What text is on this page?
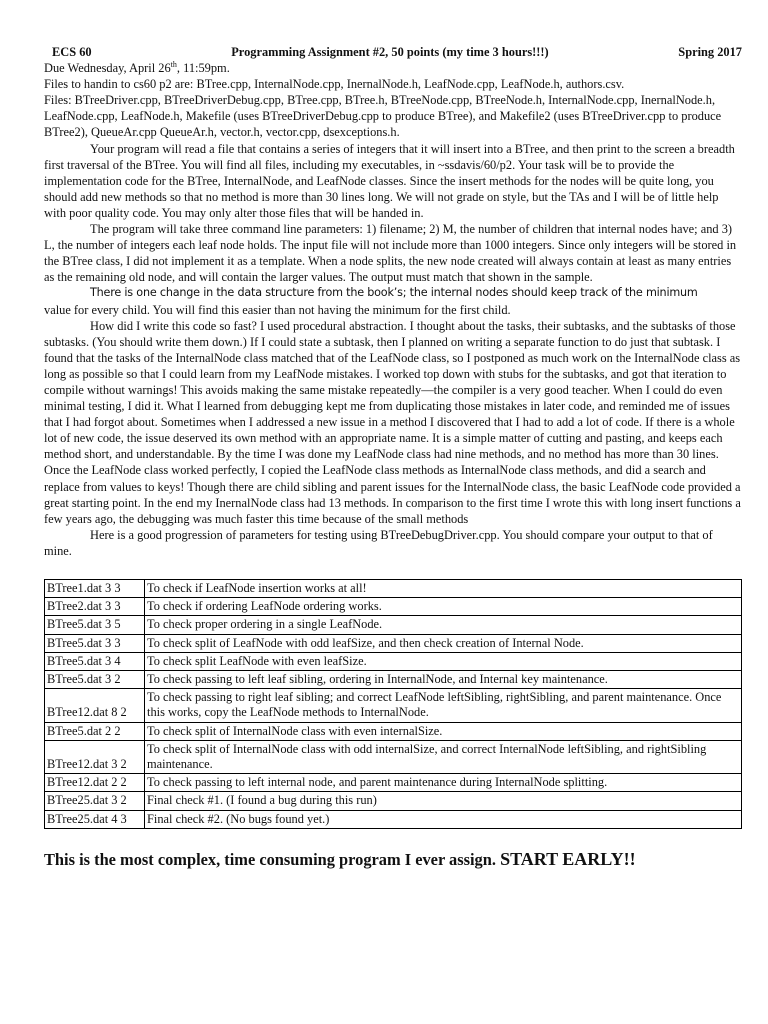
ECS 60	Programming Assignment #2, 50 points (my time 3 hours!!!)	Spring 2017

Due Wednesday, April 26th, 11:59pm.

Files to handin to cs60 p2 are: BTree.cpp, InternalNode.cpp, InernalNode.h, LeafNode.cpp, LeafNode.h, authors.csv.

Files: BTreeDriver.cpp, BTreeDriverDebug.cpp, BTree.cpp, BTree.h, BTreeNode.cpp, BTreeNode.h, InternalNode.cpp, InernalNode.h, LeafNode.cpp, LeafNode.h, Makefile (uses BTreeDriverDebug.cpp to produce BTree), and Makefile2 (uses BTreeDriver.cpp to produce BTree2), QueueAr.cpp QueueAr.h, vector.h, vector.cpp, dsexceptions.h.

Your program will read a file that contains a series of integers that it will insert into a BTree, and then print to the screen a breadth first traversal of the BTree. You will find all files, including my executables, in ~ssdavis/60/p2. Your task will be to provide the implementation code for the BTree, InternalNode, and LeafNode classes. Since the insert methods for the nodes will be quite long, you should add new methods so that no method is more than 30 lines long. We will not grade on style, but the TAs and I will be of little help with poor quality code. You may only alter those files that will be handed in.

The program will take three command line parameters: 1) filename; 2) M, the number of children that internal nodes have; and 3) L, the number of integers each leaf node holds. The input file will not include more than 1000 integers. Since only integers will be stored in the BTree class, I did not implement it as a template. When a node splits, the new node created will always contain at least as many entries as the remaining old node, and will contain the larger values. The output must match that shown in the sample.

There is one change in the data structure from the book’s; the internal nodes should keep track of the minimum

value for every child. You will find this easier than not having the minimum for the first child.

How did I write this code so fast? I used procedural abstraction. I thought about the tasks, their subtasks, and the subtasks of those subtasks. (You should write them down.) If I could state a subtask, then I planned on writing a separate function to do just that subtask. I found that the tasks of the InternalNode class matched that of the LeafNode class, so I postponed as much work on the InternalNode class as long as possible so that I could learn from my LeafNode mistakes. I worked top down with stubs for the subtasks, and got that iteration to compile without warnings! This avoids making the same mistake repeatedly—the compiler is a very good teacher. When I could do even minimal testing, I did it. What I learned from debugging kept me from duplicating those mistakes in later code, and reminded me of issues that I had forgot about. Sometimes when I addressed a new issue in a method I discovered that I had to add a lot of code. If there is a whole lot of new code, the issue deserved its own method with an appropriate name. It is a simple matter of cutting and pasting, and keeps each method short, and understandable. By the time I was done my LeafNode class had nine methods, and no method has more than 30 lines. Once the LeafNode class worked perfectly, I copied the LeafNode class methods as InternalNode class methods, and did a search and replace from values to keys! Though there are child sibling and parent issues for the InternalNode class, the basic LeafNode code provided a great starting point. In the end my InernalNode class had 13 methods. In comparison to the first time I wrote this with long insert functions a few years ago, the debugging was much faster this time because of the small methods

Here is a good progression of parameters for testing using BTreeDebugDriver.cpp. You should compare your output to that of mine.

BTree1.dat 3 3	To check if LeafNode insertion works at all!
BTree2.dat 3 3	To check if ordering LeafNode ordering works.
BTree5.dat 3 5	To check proper ordering in a single LeafNode.
BTree5.dat 3 3	To check split of LeafNode with odd leafSize, and then check creation of Internal Node.
BTree5.dat 3 4	To check split LeafNode with even leafSize.
BTree5.dat 3 2	To check passing to left leaf sibling, ordering in InternalNode, and Internal key maintenance.
BTree12.dat 8 2	To check passing to right leaf sibling; and correct LeafNode leftSibling, rightSibling, and parent maintenance. Once this works, copy the LeafNode methods to InternalNode.
BTree5.dat 2 2	To check split of InternalNode class with even internalSize.
BTree12.dat 3 2	To check split of InternalNode class with odd internalSize, and correct InternalNode leftSibling, and rightSibling maintenance.
BTree12.dat 2 2	To check passing to left internal node, and parent maintenance during InternalNode splitting.
BTree25.dat 3 2	Final check #1. (I found a bug during this run)
BTree25.dat 4 3	Final check #2. (No bugs found yet.)
This is the most complex, time consuming program I ever assign. START EARLY!!
